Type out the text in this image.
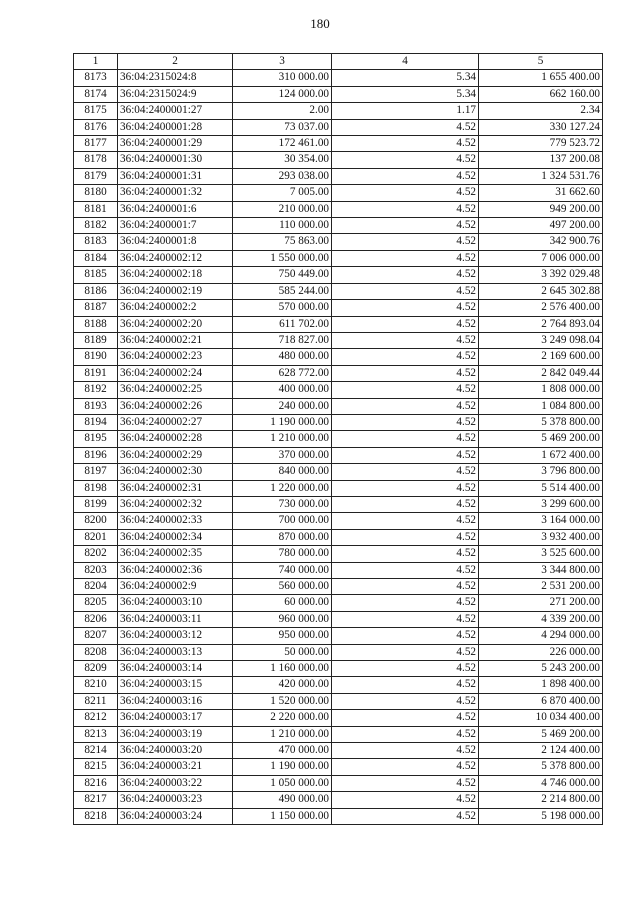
180
1	2	3	4	5
8173	36:04:2315024:8	310 000.00	5.34	1 655 400.00
8174	36:04:2315024:9	124 000.00	5.34	662 160.00
8175	36:04:2400001:27	2.00	1.17	2.34
8176	36:04:2400001:28	73 037.00	4.52	330 127.24
8177	36:04:2400001:29	172 461.00	4.52	779 523.72
8178	36:04:2400001:30	30 354.00	4.52	137 200.08
8179	36:04:2400001:31	293 038.00	4.52	1 324 531.76
8180	36:04:2400001:32	7 005.00	4.52	31 662.60
8181	36:04:2400001:6	210 000.00	4.52	949 200.00
8182	36:04:2400001:7	110 000.00	4.52	497 200.00
8183	36:04:2400001:8	75 863.00	4.52	342 900.76
8184	36:04:2400002:12	1 550 000.00	4.52	7 006 000.00
8185	36:04:2400002:18	750 449.00	4.52	3 392 029.48
8186	36:04:2400002:19	585 244.00	4.52	2 645 302.88
8187	36:04:2400002:2	570 000.00	4.52	2 576 400.00
8188	36:04:2400002:20	611 702.00	4.52	2 764 893.04
8189	36:04:2400002:21	718 827.00	4.52	3 249 098.04
8190	36:04:2400002:23	480 000.00	4.52	2 169 600.00
8191	36:04:2400002:24	628 772.00	4.52	2 842 049.44
8192	36:04:2400002:25	400 000.00	4.52	1 808 000.00
8193	36:04:2400002:26	240 000.00	4.52	1 084 800.00
8194	36:04:2400002:27	1 190 000.00	4.52	5 378 800.00
8195	36:04:2400002:28	1 210 000.00	4.52	5 469 200.00
8196	36:04:2400002:29	370 000.00	4.52	1 672 400.00
8197	36:04:2400002:30	840 000.00	4.52	3 796 800.00
8198	36:04:2400002:31	1 220 000.00	4.52	5 514 400.00
8199	36:04:2400002:32	730 000.00	4.52	3 299 600.00
8200	36:04:2400002:33	700 000.00	4.52	3 164 000.00
8201	36:04:2400002:34	870 000.00	4.52	3 932 400.00
8202	36:04:2400002:35	780 000.00	4.52	3 525 600.00
8203	36:04:2400002:36	740 000.00	4.52	3 344 800.00
8204	36:04:2400002:9	560 000.00	4.52	2 531 200.00
8205	36:04:2400003:10	60 000.00	4.52	271 200.00
8206	36:04:2400003:11	960 000.00	4.52	4 339 200.00
8207	36:04:2400003:12	950 000.00	4.52	4 294 000.00
8208	36:04:2400003:13	50 000.00	4.52	226 000.00
8209	36:04:2400003:14	1 160 000.00	4.52	5 243 200.00
8210	36:04:2400003:15	420 000.00	4.52	1 898 400.00
8211	36:04:2400003:16	1 520 000.00	4.52	6 870 400.00
8212	36:04:2400003:17	2 220 000.00	4.52	10 034 400.00
8213	36:04:2400003:19	1 210 000.00	4.52	5 469 200.00
8214	36:04:2400003:20	470 000.00	4.52	2 124 400.00
8215	36:04:2400003:21	1 190 000.00	4.52	5 378 800.00
8216	36:04:2400003:22	1 050 000.00	4.52	4 746 000.00
8217	36:04:2400003:23	490 000.00	4.52	2 214 800.00
8218	36:04:2400003:24	1 150 000.00	4.52	5 198 000.00
